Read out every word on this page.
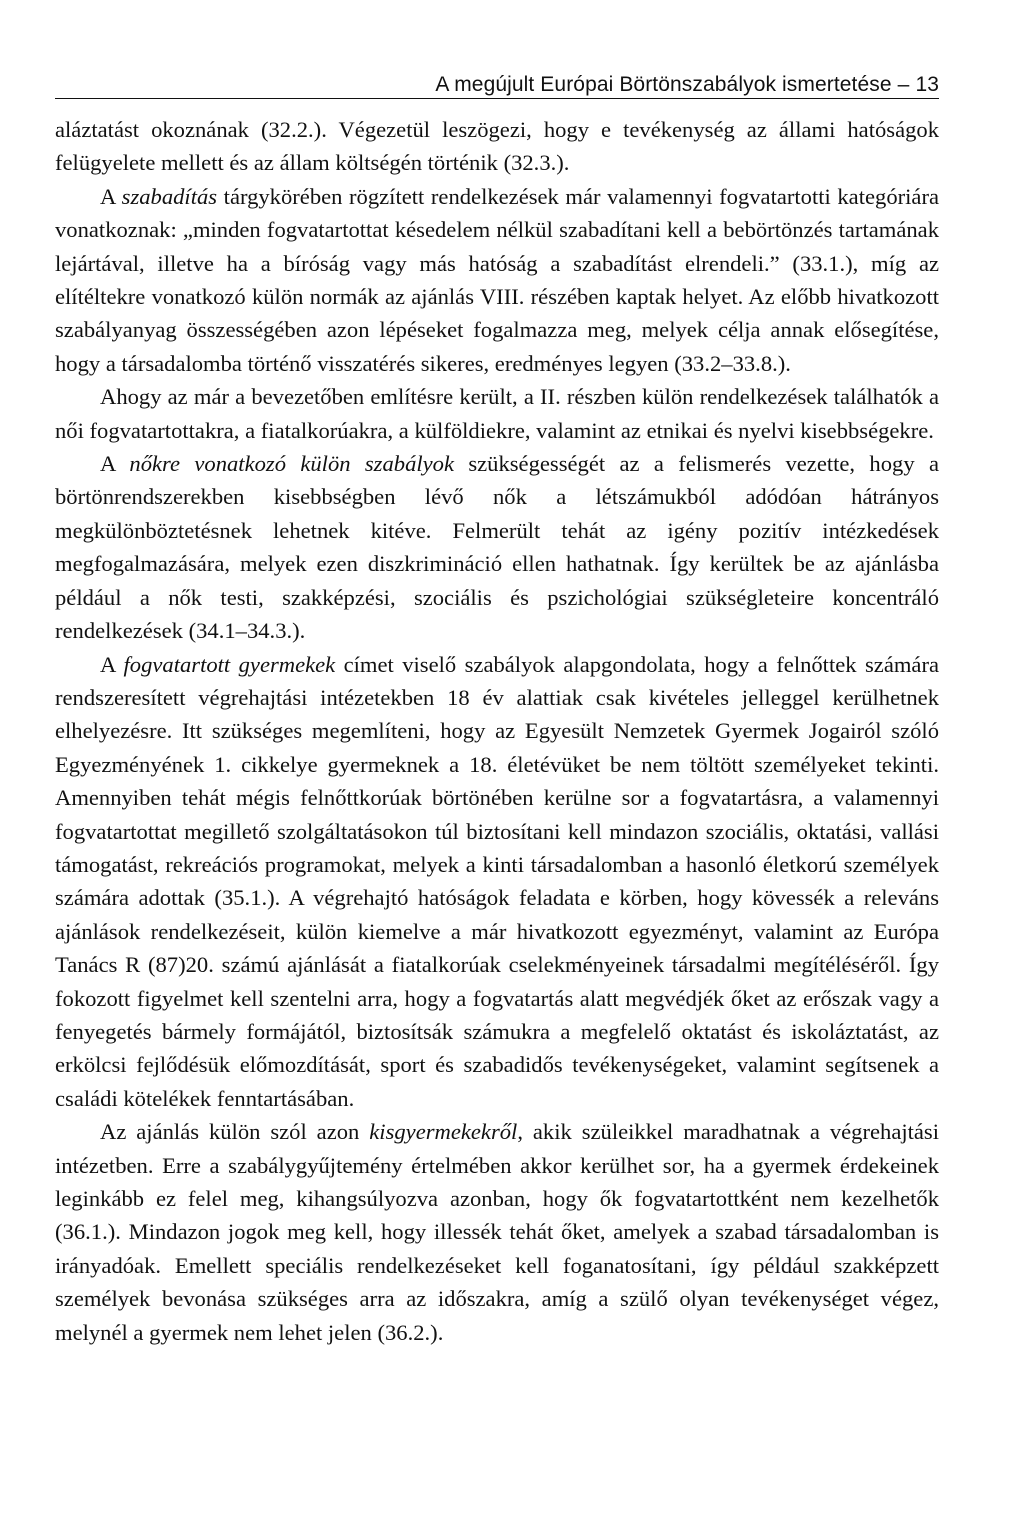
A megújult Európai Börtönszabályok ismertetése – 13

aláztatást okoznának (32.2.). Végezetül leszögezi, hogy e tevékenység az állami hatóságok felügyelete mellett és az állam költségén történik (32.3.).

A szabadítás tárgykörében rögzített rendelkezések már valamennyi fogvatartotti kategóriára vonatkoznak: „minden fogvatartottat késedelem nélkül szabadítani kell a bebörtönzés tartamának lejártával, illetve ha a bíróság vagy más hatóság a szabadítást elrendeli.” (33.1.), míg az elítéltekre vonatkozó külön normák az ajánlás VIII. részében kaptak helyet. Az előbb hivatkozott szabályanyag összességében azon lépéseket fogalmazza meg, melyek célja annak elősegítése, hogy a társadalomba történő visszatérés sikeres, eredményes legyen (33.2–33.8.).

Ahogy az már a bevezetőben említésre került, a II. részben külön rendelkezések találhatók a női fogvatartottakra, a fiatalkorúakra, a külföldiekre, valamint az etnikai és nyelvi kisebbségekre.

A nőkre vonatkozó külön szabályok szükségességét az a felismerés vezette, hogy a börtönrendszerekben kisebbségben lévő nők a létszámukból adódóan hátrányos megkülönböztetésnek lehetnek kitéve. Felmerült tehát az igény pozitív intézkedések megfogalmazására, melyek ezen diszkrimináció ellen hathatnak. Így kerültek be az ajánlásba például a nők testi, szakképzési, szociális és pszichológiai szükségleteire koncentráló rendelkezések (34.1–34.3.).

A fogvatartott gyermekek címet viselő szabályok alapgondolata, hogy a felnőttek számára rendszeresített végrehajtási intézetekben 18 év alattiak csak kivételes jelleggel kerülhetnek elhelyezésre. Itt szükséges megemlíteni, hogy az Egyesült Nemzetek Gyermek Jogairól szóló Egyezményének 1. cikkelye gyermeknek a 18. életévüket be nem töltött személyeket tekinti. Amennyiben tehát mégis felnőttkorúak börtönében kerülne sor a fogvatartásra, a valamennyi fogvatartottat megillető szolgáltatásokon túl biztosítani kell mindazon szociális, oktatási, vallási támogatást, rekreációs programokat, melyek a kinti társadalomban a hasonló életkorú személyek számára adottak (35.1.). A végrehajtó hatóságok feladata e körben, hogy kövessék a releváns ajánlások rendelkezéseit, külön kiemelve a már hivatkozott egyezményt, valamint az Európa Tanács R (87)20. számú ajánlását a fiatalkorúak cselekményeinek társadalmi megítéléséről. Így fokozott figyelmet kell szentelni arra, hogy a fogvatartás alatt megvédjék őket az erőszak vagy a fenyegetés bármely formájától, biztosítsák számukra a megfelelő oktatást és iskoláztatást, az erkölcsi fejlődésük előmozdítását, sport és szabadidős tevékenységeket, valamint segítsenek a családi kötelékek fenntartásában.

Az ajánlás külön szól azon kisgyermekekről, akik szüleikkel maradhatnak a végrehajtási intézetben. Erre a szabálygyűjtemény értelmében akkor kerülhet sor, ha a gyermek érdekeinek leginkább ez felel meg, kihangsúlyozva azonban, hogy ők fogvatartottként nem kezelhetők (36.1.). Mindazon jogok meg kell, hogy illessék tehát őket, amelyek a szabad társadalomban is irányadóak. Emellett speciális rendelkezéseket kell foganatosítani, így például szakképzett személyek bevonása szükséges arra az időszakra, amíg a szülő olyan tevékenységet végez, melynél a gyermek nem lehet jelen (36.2.).
